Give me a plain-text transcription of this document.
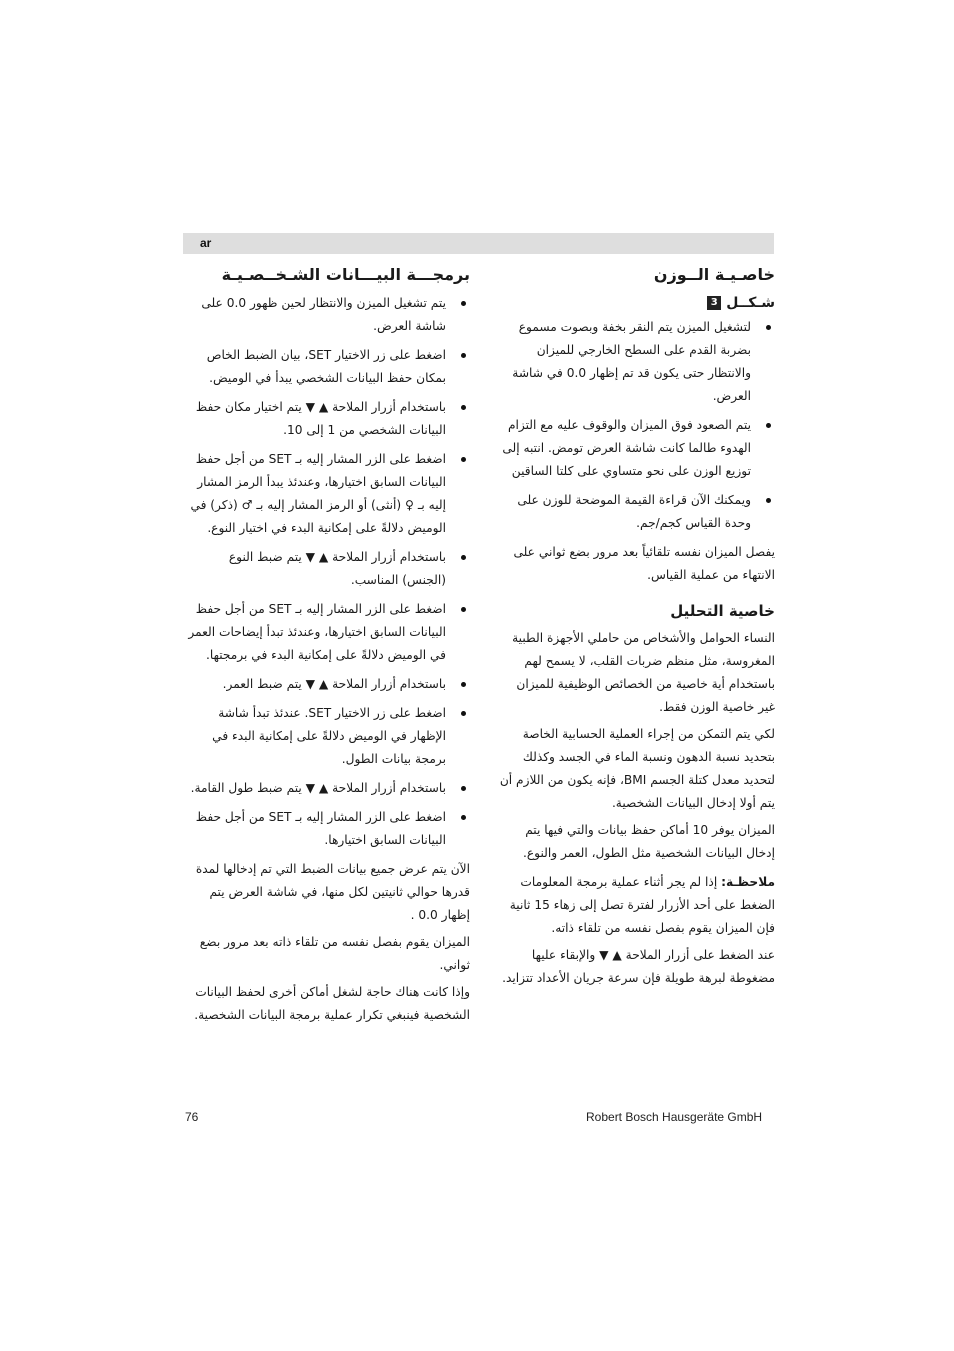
ar
خاصـيـة الــوزن
شـكــل
3
لتشغيل الميزن يتم النقر بخفة وبصوت مسموع بضربة القدم على السطح الخارجي للميزان والانتظار حتى يكون قد تم إظهار 0.0 في شاشة العرض.
يتم الصعود فوق الميزان والوقوف عليه مع التزام الهدوء طالما كانت شاشة العرض تومض. انتبه إلى توزيع الوزن على نحو متساوي على كلتا الساقين
ويمكنك الآن قراءة القيمة الموضحة للوزن على وحدة القياس كجم/جم.

يفصل الميزان نفسه تلقائياً بعد مرور بضع ثواني على الانتهاء من عملية القياس.

خاصية التحليل

النساء الحوامل والأشخاص من حاملي الأجهزة الطبية المغروسة، مثل منظم ضربات القلب، لا يسمح لهم باستخدام أية خاصية من الخصائص الوظيفية للميزان غير خاصية الوزن فقط.

لكي يتم التمكن من إجراء العملية الحسابية الخاصة بتحديد نسبة الدهون ونسبة الماء في الجسد وكذلك لتحديد معدل كتلة الجسم BMI، فإنه يكون من اللازم أن يتم أولا إدخال البيانات الشخصية.

الميزان يوفر 10 أماكن حفظ بيانات والتي فيها يتم إدخال البيانات الشخصية مثل الطول، العمر والنوع.

ملاحظـة: إذا لم يجر أثناء عملية برمجة المعلومات الضغط على أحد الأزرار لفترة تصل إلى زهاء 15 ثانية فإن الميزان يقوم بفصل نفسه من تلقاء ذاته.

عند الضغط على أزرار الملاحة ▲ ▼ والإبقاء عليها مضغوطة لبرهة طويلة فإن سرعة جريان الأعداد تتزايد.

برمجـــة البيـــانات الشـخــصـيـة
يتم تشغيل الميزن والانتظار لحين ظهور 0.0 على شاشة العرض.
اضغط على زر الاختيار SET، بيان الضبط الخاص بمكان حفظ البيانات الشخصي يبدأ في الوميض.
باستخدام أزرار الملاحة ▲ ▼ يتم اختيار مكان حفظ البيانات الشخصي من 1 إلى 10.
اضغط على الزر المشار إليه بـ SET من أجل حفظ البيانات السابق اختيارها، وعندئذ يبدأ الرمز المشار إليه بـ ♀ (أنثى) أو الرمز المشار إليه بـ ♂ (ذكر) في الوميض دلالةً على إمكانية البدء في اختيار النوع.
باستخدام أزرار الملاحة ▲ ▼ يتم ضبط النوع (الجنس) المناسب.
اضغط على الزر المشار إليه بـ SET من أجل حفظ البيانات السابق اختيارها، وعندئذ تبدأ إيضاحات العمر في الوميض دلالةً على إمكانية البدء في برمجتها.
باستخدام أزرار الملاحة ▲ ▼ يتم ضبط العمر.
اضغط على زر الاختيار SET. عندئذ تبدأ شاشة الإظهار في الوميض دلالةً على إمكانية البدء في برمجة بيانات الطول.
باستخدام أزرار الملاحة ▲ ▼ يتم ضبط طول القامة.
اضغط على الزر المشار إليه بـ SET من أجل حفظ البيانات السابق اختيارها.

الآن يتم عرض جميع بيانات الضبط التي تم إدخالها لمدة قدرها حوالي ثانيتين لكل منها، في شاشة العرض يتم إظهار 0.0 .

الميزان يقوم بفصل نفسه من تلقاء ذاته بعد مرور بضع ثواني.

وإذا كانت هناك حاجة لشغل أماكن أخرى لحفظ البيانات الشخصية فينبغي تكرار عملية برمجة البيانات الشخصية.

76	Robert Bosch Hausgeräte GmbH
